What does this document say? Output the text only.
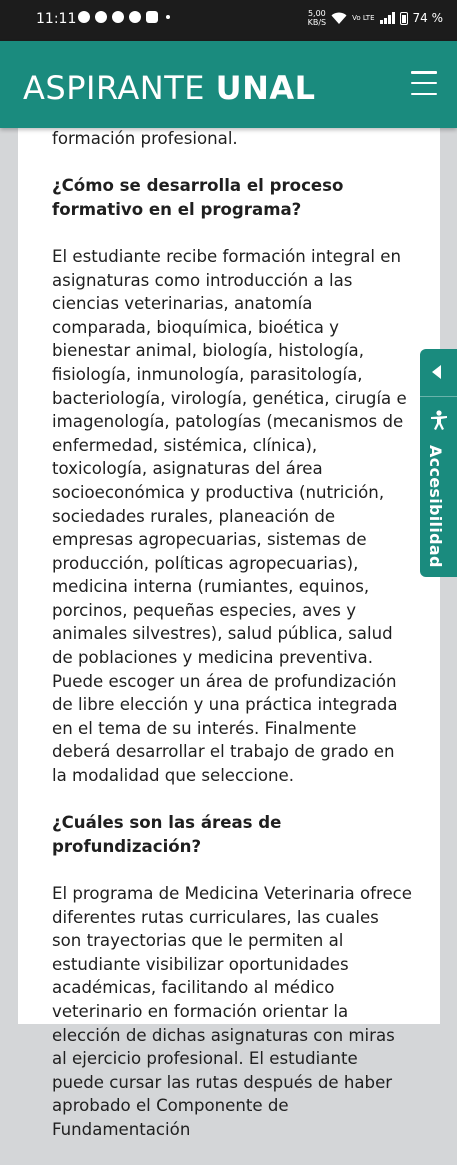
11:11	5,00
KB/S	Vo LTE	74 %
ASPIRANTE UNAL

formación profesional.

¿Cómo se desarrolla el proceso formativo en el programa?

El estudiante recibe formación integral en asignaturas como introducción a las ciencias veterinarias, anatomía comparada, bioquímica, bioética y bienestar animal, biología, histología, fisiología, inmunología, parasitología, bacteriología, virología, genética, cirugía e imagenología, patologías (mecanismos de enfermedad, sistémica, clínica), toxicología, asignaturas del área socioeconómica y productiva (nutrición, sociedades rurales, planeación de empresas agropecuarias, sistemas de producción, políticas agropecuarias), medicina interna (rumiantes, equinos, porcinos, pequeñas especies, aves y animales silvestres), salud pública, salud de poblaciones y medicina preventiva. Puede escoger un área de profundización de libre elección y una práctica integrada en el tema de su interés. Finalmente deberá desarrollar el trabajo de grado en la modalidad que seleccione.

¿Cuáles son las áreas de profundización?

El programa de Medicina Veterinaria ofrece diferentes rutas curriculares, las cuales son trayectorias que le permiten al estudiante visibilizar oportunidades académicas, facilitando al médico veterinario en formación orientar la elección de dichas asignaturas con miras al ejercicio profesional. El estudiante puede cursar las rutas después de haber aprobado el Componente de Fundamentación

Accesibilidad
